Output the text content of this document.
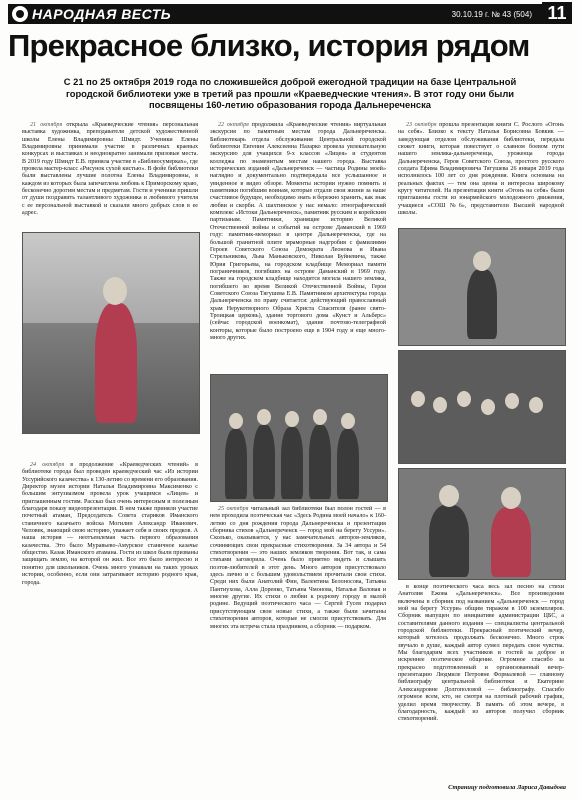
НАРОДНАЯ ВЕСТЬ	30.10.19 г. № 43 (504) 11
Прекрасное близко, история рядом
С 21 по 25 октября 2019 года по сложившейся доброй ежегодной традиции на базе Центральной городской библиотеки уже в третий раз прошли «Краеведческие чтения». В этот году они были посвящены 160-летию образования города Дальнереченска

21 октября открыла «Краеведческие чтения» персональная выставка художника, преподавателя детской художественной школы Елены Владимировны Шмидт. Ученики Елены Владимировны принимали участие в различных краевых конкурсах и выставках и неоднократно занимали призовые места. В 2019 году Шмидт Е.В. приняла участие в «Библиосумерках», где провела мастер-класс «Рисунок сухой кистью». В фойе библиотеки были выставлены лучшие полотна Елены Владимировны, в каждом из которых была запечатлена любовь к Приморскому краю, бесконечно дорогим местам и предметам. Гости и ученики пришли от души поздравить талантливого художника и любимого учителя с ее персональной выставкой и сказали много добрых слов в ее адрес.

24 октября в продолжение «Краеведческих чтений» в библиотеке города был проведен краеведческий час «Из истории Уссурийского казачества» к 130-летию со времени его образования. Директор музея истории Наталья Владимировна Максименко с большим энтузиазмом провела урок учащимся «Лицея» и приглашенным гостям. Рассказ был очень интересным и полезным благодаря показу видеопрезентации. В нем также приняли участие почетный атаман, Председатель Совета стариков Иманского станичного казачьего войска Могилин Александр Иванович. Человек, знающий свою историю, уважает себя и своих предков. А наша история — неотъемлемая часть первого образования казачества. Это было Муравьево-Амурское станичное казачье общество. Казак Иманского атамана. Гости из школ были призваны защищать землю, на которой он жил. Все это было интересно и понятно для школьников. Очень много узнавали на таких уроках истории, особенно, если они затрагивают историю родного края, города.

22 октября продолжила «Краеведческие чтения» виртуальная экскурсия по памятным местам города Дальнереченска. Библиотекарь отдела обслуживания Центральной городской библиотеки Евгения Алексеевна Назарко провела увлекательную экскурсию для учащихся 9-х классов «Лицея» и студентов колледжа по знаменитым местам нашего города. Выставка исторических изданий «Дальнереченск — частица Родины моей» наглядно и документально подтверждала все услышанное и увиденное в видео обзоре. Моменты истории нужно помнить и памятники погибшим воинам, которые отдали свои жизни за наше счастливое будущее, необходимо знать и бережно хранить, как знак любви и скорби. А шахтинское у нас немало: этнографический комплекс «Истоки Дальнереченск», памятник русским и корейским партизанам. Памятники, хранящие историю Великой Отечественной войны и событий на острове Даманский в 1969 году: памятник-мемориал в центре Дальнереченска, где на большой гранитной плите мраморные надгробия с фамилиями Героев Советского Союза Демократа Леонова и Ивана Стрельникова, Льва Маньковского, Николая Буйневича, также Юрия Григорьева, на городском кладбище Мемориал памяти пограничников, погибших на острове Даманский в 1969 году. Также на городском кладбище находится могила нашего земляка, погибшего во время Великой Отечественной Войны, Героя Советского Союза Тягушева Е.В. Памятником архитектуры города Дальнереченска по праву считается: действующий православный храм Нерукотворного Образа Христа Спасителя (ранее свято-Троицкая церковь), здание торгового дома «Кунст и Альберс» (сейчас городской военкомат), здание почтово-телеграфной конторы, которые было построено еще в 1904 году и еще много-много других.

25 октября читальный зал библиотеки был полон гостей — в нем проходила поэтическая час «Здесь Родина моей начало» к 160-летию со дня рождения города Дальнереченска и презентация сборника стихов «Дальнереченск — город мой на берегу Уссури». Сколько, оказывается, у нас замечательных авторов-земляков, сочиняющих свои прекрасные стихотворения. За 34 автора и 54 стихотворения — это наших земляков творения. Вот так, и сама стихами заговорила. Очень было приятно видеть и слышать поэтов-любителей в этот день. Много авторов присутствовало здесь лично и с большим удовольствием прочитали свои стихи. Среди них были Анатолий Фин, Валентина Белоносова, Татьяна Пантиухова, Алла Доренко, Татьяна Чмонова, Наталья Валовая и многие другие. Их стихи о любви к родному городу и малой родине. Ведущий поэтического часа — Сергей Гусев подарил присутствующим свои новые стихи, а также были зачитаны стихотворения авторов, которые не смогли присутствовать. Для многих эта встреча стала праздником, а сборник — подарком.

23 октября прошла презентация книги С. Рослого «Огонь на себя». Близко к тексту Наталья Борисовна Бовкик — заведующая отделом обслуживания библиотеки, передала сюжет книги, которая повествует о славном боевом пути нашего земляка-дальнереченца, уроженца города Дальнереченска, Героя Советского Союза, простого русского солдата Ефима Владимировича Тягушева 26 января 2019 года исполнилось 100 лет со дня рождения. Книга основана на реальных фактах — тем она ценна и интересна широкому кругу читателей. На презентации книги «Огонь на себя» были приглашены гости из юнармейского молодежного движения, учащиеся «СОШ №6», представители Высшей народной школы.

в конце поэтического часа весь зал песню на стихи Анатолия Ежова «Дальнереченск». Все произведения включены в сборник под названием «Дальнереченск — город мой на берегу Уссури» общим тиражом в 100 экземпляров. Сборник выпущен по инициативе администрации ЦБС, а составителями данного издания — специалисты центральной городской библиотеки. Прекрасный поэтический вечер, который хотелось продолжать бесконечно. Много строк звучало в душе, каждый автор сумел передать свои чувства. Мы благодарим всех участников и гостей за доброе и искреннее поэтическое общение. Огромное спасибо за прекрасно подготовленный и организованный вечер-презентацию Людмиле Петровне Формалевой — главному библиографу центральной библиотеки и Екатерине Александровне Долгополовой — библиографу. Спасибо огромное всем, кто, не смотря на плотный рабочий график, уделил время творчеству. В память об этом вечере, в благодарность, каждый из авторов получил сборник стихотворений.

Страницу подготовила Лариса Давыдова
